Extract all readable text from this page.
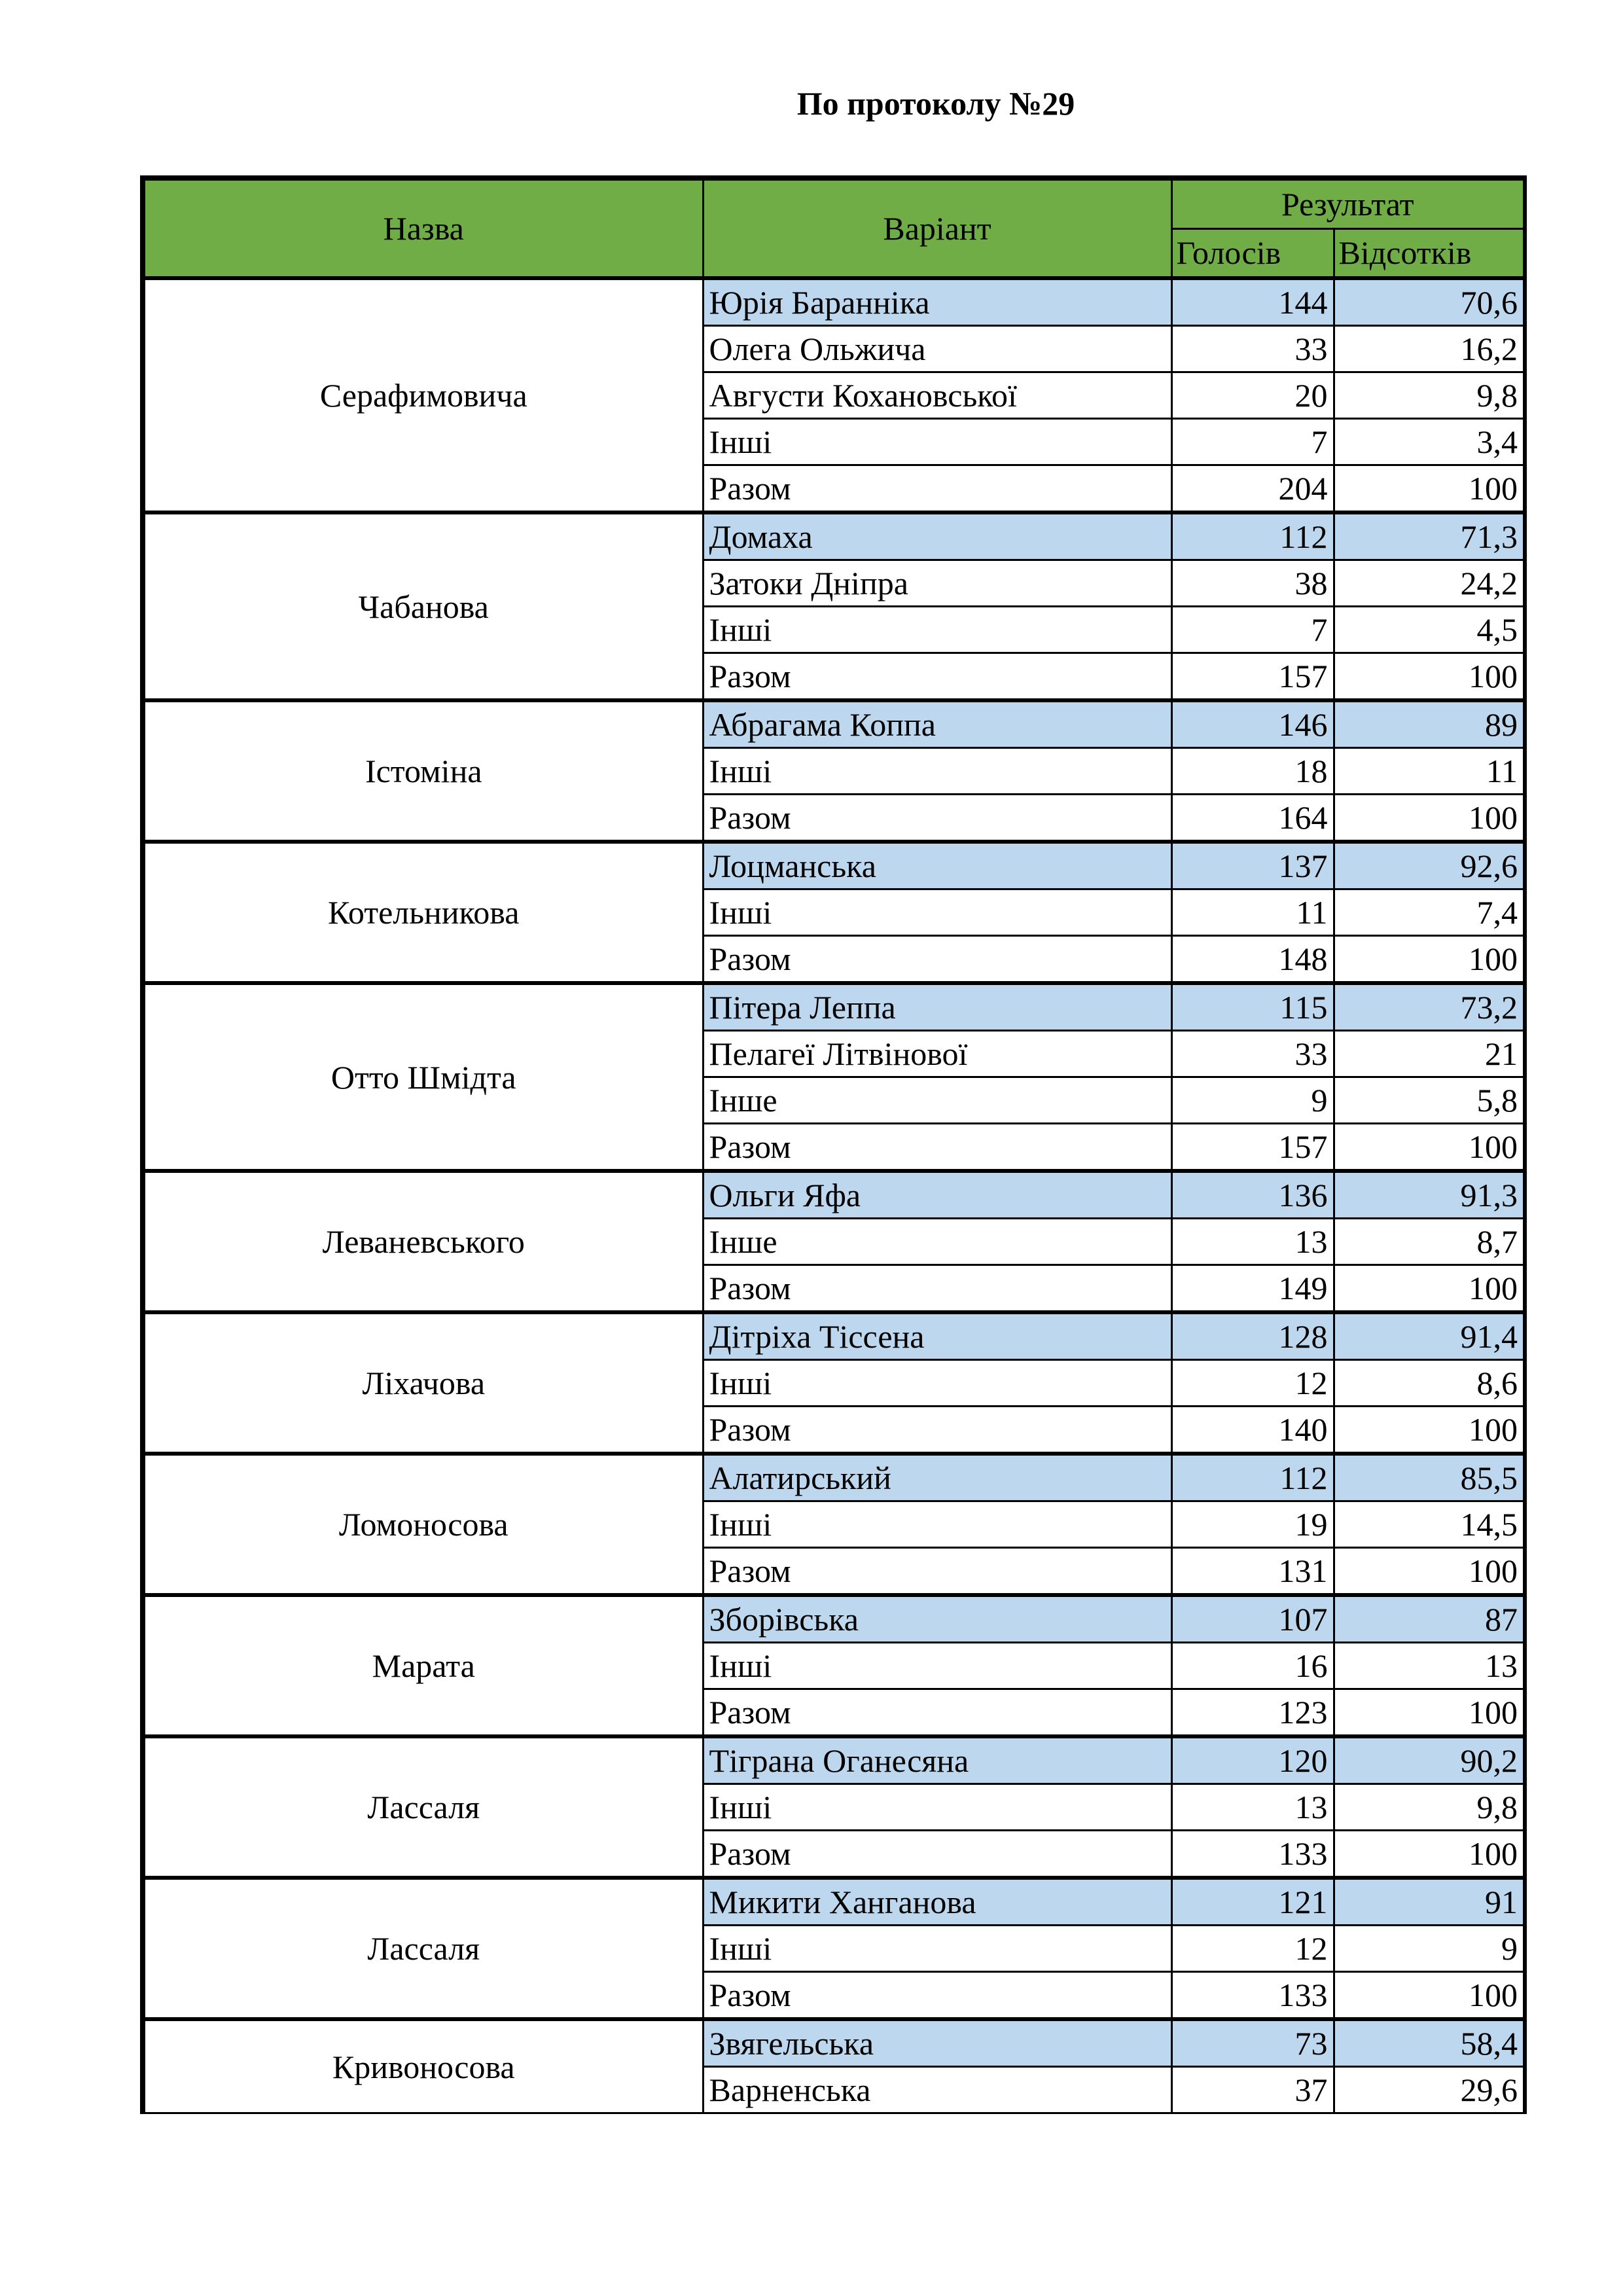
По протоколу №29
Назва	Варіант	Результат	
		Голосів	Відсотків
Серафимовича	Юрія Баранніка	144	70,6
	Олега Ольжича	33	16,2
	Августи Кохановської	20	9,8
	Інші	7	3,4
	Разом	204	100
Чабанова	Домаха	112	71,3
	Затоки Дніпра	38	24,2
	Інші	7	4,5
	Разом	157	100
Істоміна	Абрагама Коппа	146	89
	Інші	18	11
	Разом	164	100
Котельникова	Лоцманська	137	92,6
	Інші	11	7,4
	Разом	148	100
Отто Шмідта	Пітера Леппа	115	73,2
	Пелагеї Літвінової	33	21
	Інше	9	5,8
	Разом	157	100
Леваневського	Ольги Яфа	136	91,3
	Інше	13	8,7
	Разом	149	100
Ліхачова	Дітріха Тіссена	128	91,4
	Інші	12	8,6
	Разом	140	100
Ломоносова	Алатирський	112	85,5
	Інші	19	14,5
	Разом	131	100
Марата	Зборівська	107	87
	Інші	16	13
	Разом	123	100
Лассаля	Тіграна Оганесяна	120	90,2
	Інші	13	9,8
	Разом	133	100
Лассаля	Микити Ханганова	121	91
	Інші	12	9
	Разом	133	100
Кривоносова	Звягельська	73	58,4
	Варненська	37	29,6
